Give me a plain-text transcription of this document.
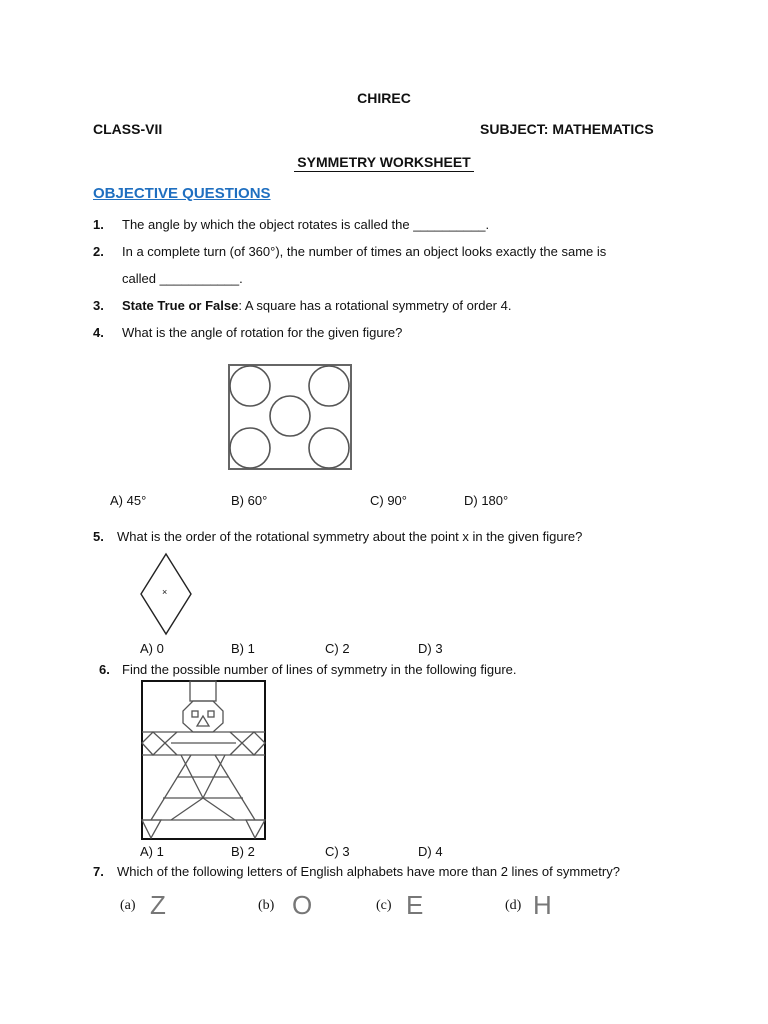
CHIREC
CLASS-VII	SUBJECT: MATHEMATICS
SYMMETRY WORKSHEET
OBJECTIVE QUESTIONS
1. The angle by which the object rotates is called the __________.
2. In a complete turn (of 360°), the number of times an object looks exactly the same is
called ___________.
3. State True or False: A square has a rotational symmetry of order 4.
4. What is the angle of rotation for the given figure?
A) 45°	B) 60°	C) 90°	D) 180°
5. What is the order of the rotational symmetry about the point x in the given figure?
×
A) 0	B) 1	C) 2	D) 3
6. Find the possible number of lines of symmetry in the following figure.
A) 1	B) 2	C) 3	D) 4
7. Which of the following letters of English alphabets have more than 2 lines of symmetry?
(a) Z	(b) O	(c) E	(d) H
